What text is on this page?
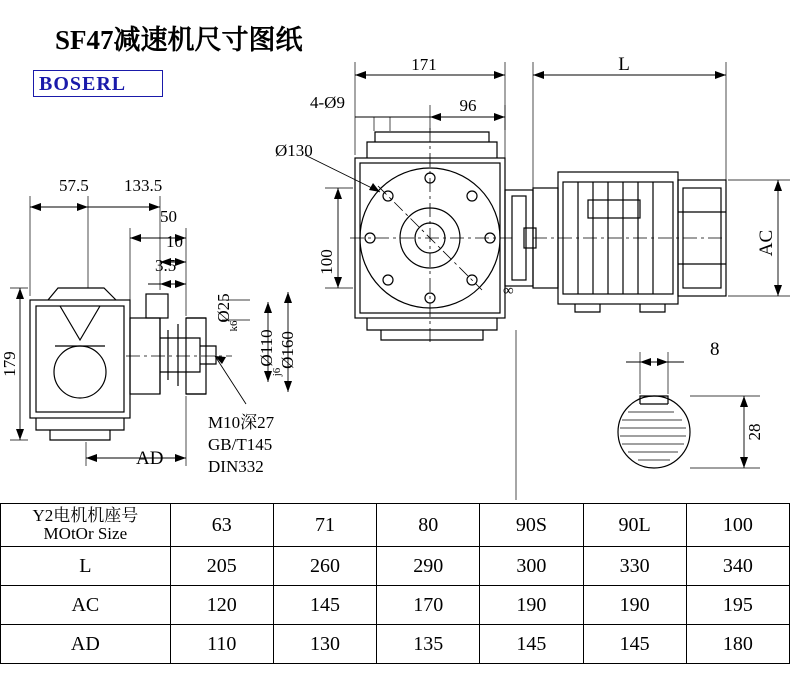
SF47减速机尺寸图纸
BOSERL
171	L
96
4-Ø9
Ø130
100
AC
Ø160
Ø110
j6
Ø25
k6
∞
57.5 133.5
50
10
3.5
179
AD
M10深27
GB/T145
DIN332
8
28
Y2电机机座号
MOtOr Size	63	71	80	90S	90L	100
L	205	260	290	300	330	340
AC	120	145	170	190	190	195
AD	110	130	135	145	145	180
